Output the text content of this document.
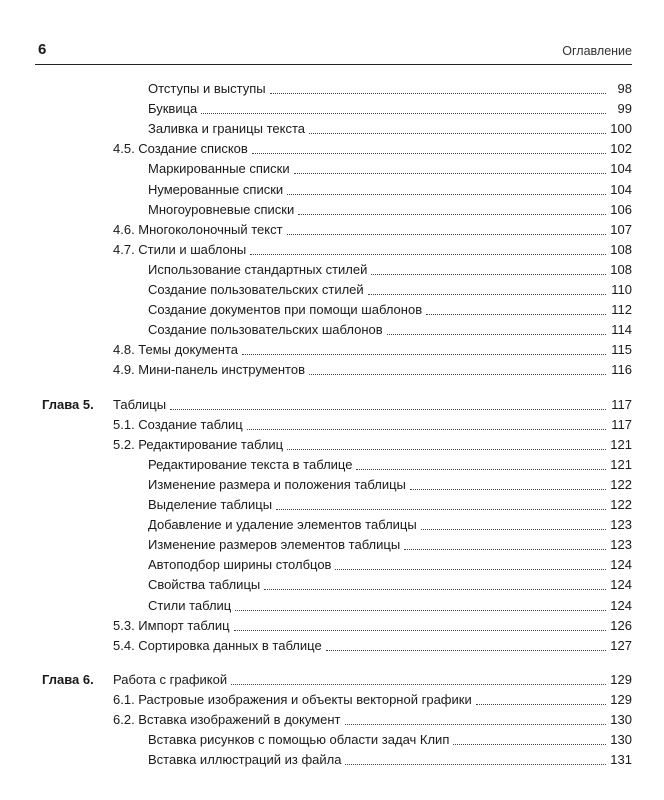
6	Оглавление
Отступы и выступы	98
Буквица	99
Заливка и границы текста	100
4.5. Создание списков	102
Маркированные списки	104
Нумерованные списки	104
Многоуровневые списки	106
4.6. Многоколоночный текст	107
4.7. Стили и шаблоны	108
Использование стандартных стилей	108
Создание пользовательских стилей	110
Создание документов при помощи шаблонов	112
Создание пользовательских шаблонов	114
4.8. Темы документа	115
4.9. Мини-панель инструментов	116
Глава 5. Таблицы	117
5.1. Создание таблиц	117
5.2. Редактирование таблиц	121
Редактирование текста в таблице	121
Изменение размера и положения таблицы	122
Выделение таблицы	122
Добавление и удаление элементов таблицы	123
Изменение размеров элементов таблицы	123
Автоподбор ширины столбцов	124
Свойства таблицы	124
Стили таблиц	124
5.3. Импорт таблиц	126
5.4. Сортировка данных в таблице	127
Глава 6. Работа с графикой	129
6.1. Растровые изображения и объекты векторной графики	129
6.2. Вставка изображений в документ	130
Вставка рисунков с помощью области задач Клип	130
Вставка иллюстраций из файла	131
